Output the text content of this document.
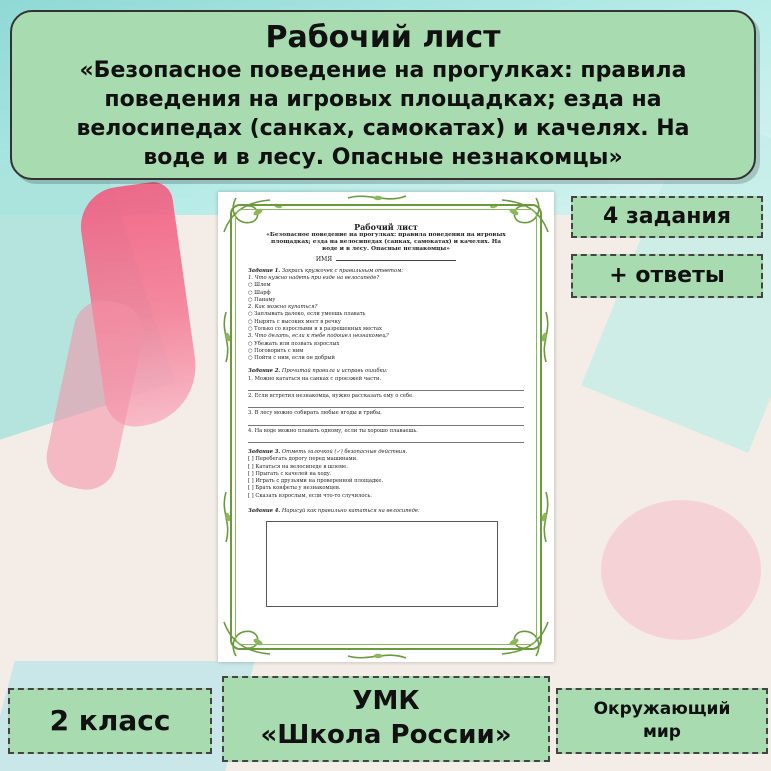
Рабочий лист
«Безопасное поведение на прогулках: правила
поведения на игровых площадках; езда на
велосипедах (санках, самокатах) и качелях. На
воде и в лесу. Опасные незнакомцы»
4 задания
+ ответы
Рабочий лист
«Безопасное поведение на прогулках: правила поведения на игровых
площадках; езда на велосипедах (санках, самокатах) и качелях. На
воде и в лесу. Опасные незнакомцы»
ИМЯ
Задание 1. Закрась кружочек с правильным ответом:
1. Что нужно надеть при езде на велосипеде?
○ Шлем
○ Шарф
○ Панаму
2. Как можно купаться?
○ Заплывать далеко, если умеешь плавать
○ Нырять с высоких мест в речку
○ Только со взрослыми и в разрешенных местах
3. Что делать, если к тебе подошел незнакомец?
○ Убежать или позвать взрослых
○ Поговорить с ним
○ Пойти с ним, если он добрый
Задание 2. Прочитай правила и исправь ошибки:
1. Можно кататься на санках с проезжей части.
2. Если встретил незнакомца, нужно рассказать ему о себе.
3. В лесу можно собирать любые ягоды и грибы.
4. На воде можно плавать одному, если ты хорошо плаваешь.
Задание 3. Отметь галочкой (✓) безопасные действия.
[ ] Перебегать дорогу перед машинами.
[ ] Кататься на велосипеде в шлеме.
[ ] Прыгать с качелей на ходу.
[ ] Играть с друзьями на проверенной площадке.
[ ] Брать конфеты у незнакомцев.
[ ] Сказать взрослым, если что-то случилось.
Задание 4. Нарисуй как правильно кататься на велосипеде:
2 класс
УМК
«Школа России»
Окружающий
мир
